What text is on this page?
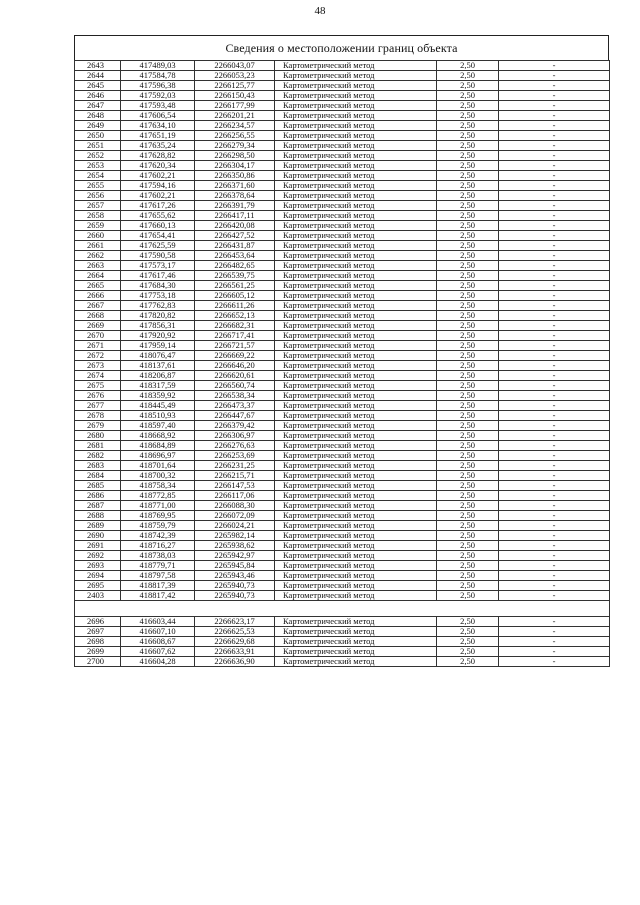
48
Сведения о местоположении границ объекта
2643	417489,03	2266043,07	Картометрический метод	2,50	-
2644	417584,78	2266053,23	Картометрический метод	2,50	-
2645	417596,38	2266125,77	Картометрический метод	2,50	-
2646	417592,03	2266150,43	Картометрический метод	2,50	-
2647	417593,48	2266177,99	Картометрический метод	2,50	-
2648	417606,54	2266201,21	Картометрический метод	2,50	-
2649	417634,10	2266234,57	Картометрический метод	2,50	-
2650	417651,19	2266256,55	Картометрический метод	2,50	-
2651	417635,24	2266279,34	Картометрический метод	2,50	-
2652	417628,82	2266298,50	Картометрический метод	2,50	-
2653	417620,34	2266304,17	Картометрический метод	2,50	-
2654	417602,21	2266350,86	Картометрический метод	2,50	-
2655	417594,16	2266371,60	Картометрический метод	2,50	-
2656	417602,21	2266378,64	Картометрический метод	2,50	-
2657	417617,26	2266391,79	Картометрический метод	2,50	-
2658	417655,62	2266417,11	Картометрический метод	2,50	-
2659	417660,13	2266420,08	Картометрический метод	2,50	-
2660	417654,41	2266427,52	Картометрический метод	2,50	-
2661	417625,59	2266431,87	Картометрический метод	2,50	-
2662	417590,58	2266453,64	Картометрический метод	2,50	-
2663	417573,17	2266482,65	Картометрический метод	2,50	-
2664	417617,46	2266539,75	Картометрический метод	2,50	-
2665	417684,30	2266561,25	Картометрический метод	2,50	-
2666	417753,18	2266605,12	Картометрический метод	2,50	-
2667	417762,83	2266611,26	Картометрический метод	2,50	-
2668	417820,82	2266652,13	Картометрический метод	2,50	-
2669	417856,31	2266682,31	Картометрический метод	2,50	-
2670	417920,92	2266717,41	Картометрический метод	2,50	-
2671	417959,14	2266721,57	Картометрический метод	2,50	-
2672	418076,47	2266669,22	Картометрический метод	2,50	-
2673	418137,61	2266646,20	Картометрический метод	2,50	-
2674	418206,87	2266620,61	Картометрический метод	2,50	-
2675	418317,59	2266560,74	Картометрический метод	2,50	-
2676	418359,92	2266538,34	Картометрический метод	2,50	-
2677	418445,49	2266473,37	Картометрический метод	2,50	-
2678	418510,93	2266447,67	Картометрический метод	2,50	-
2679	418597,40	2266379,42	Картометрический метод	2,50	-
2680	418668,92	2266306,97	Картометрический метод	2,50	-
2681	418684,89	2266276,63	Картометрический метод	2,50	-
2682	418696,97	2266253,69	Картометрический метод	2,50	-
2683	418701,64	2266231,25	Картометрический метод	2,50	-
2684	418700,32	2266215,71	Картометрический метод	2,50	-
2685	418758,34	2266147,53	Картометрический метод	2,50	-
2686	418772,85	2266117,06	Картометрический метод	2,50	-
2687	418771,00	2266088,30	Картометрический метод	2,50	-
2688	418769,95	2266072,09	Картометрический метод	2,50	-
2689	418759,79	2266024,21	Картометрический метод	2,50	-
2690	418742,39	2265982,14	Картометрический метод	2,50	-
2691	418716,27	2265938,62	Картометрический метод	2,50	-
2692	418738,03	2265942,97	Картометрический метод	2,50	-
2693	418779,71	2265945,84	Картометрический метод	2,50	-
2694	418797,58	2265943,46	Картометрический метод	2,50	-
2695	418817,39	2265940,73	Картометрический метод	2,50	-
2403	418817,42	2265940,73	Картометрический метод	2,50	-

2696	416603,44	2266623,17	Картометрический метод	2,50	-
2697	416607,10	2266625,53	Картометрический метод	2,50	-
2698	416608,67	2266629,68	Картометрический метод	2,50	-
2699	416607,62	2266633,91	Картометрический метод	2,50	-
2700	416604,28	2266636,90	Картометрический метод	2,50	-
